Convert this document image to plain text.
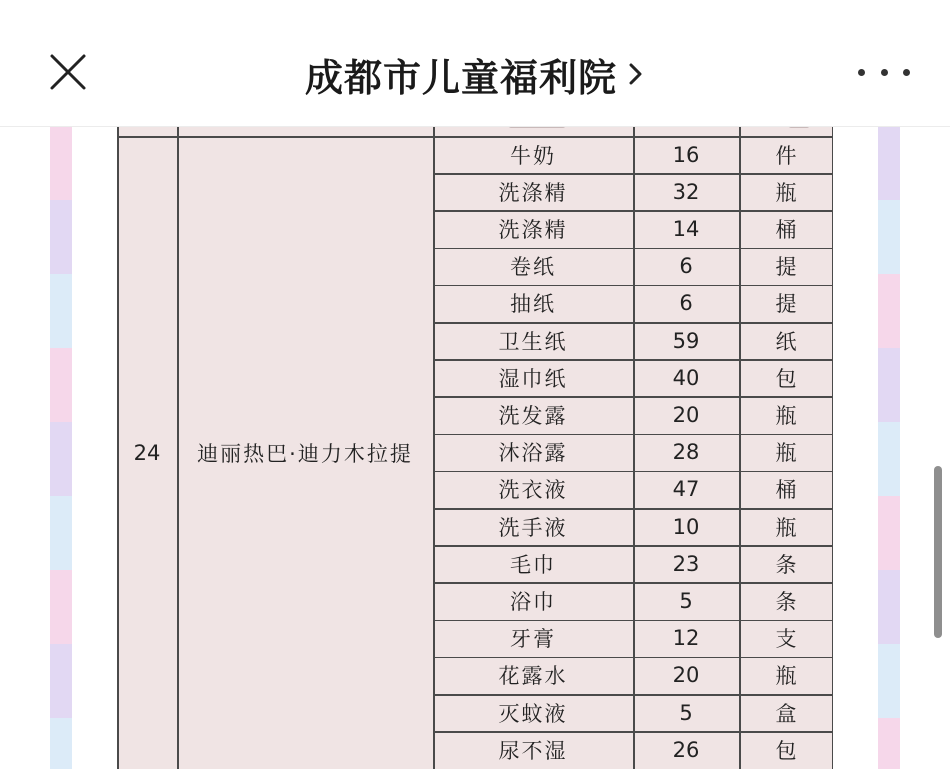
成都市儿童福利院
24	迪丽热巴·迪力木拉提
牛奶	16	件
洗涤精	32	瓶
洗涤精	14	桶
卷纸	6	提
抽纸	6	提
卫生纸	59	纸
湿巾纸	40	包
洗发露	20	瓶
沐浴露	28	瓶
洗衣液	47	桶
洗手液	10	瓶
毛巾	23	条
浴巾	5	条
牙膏	12	支
花露水	20	瓶
灭蚊液	5	盒
尿不湿	26	包
